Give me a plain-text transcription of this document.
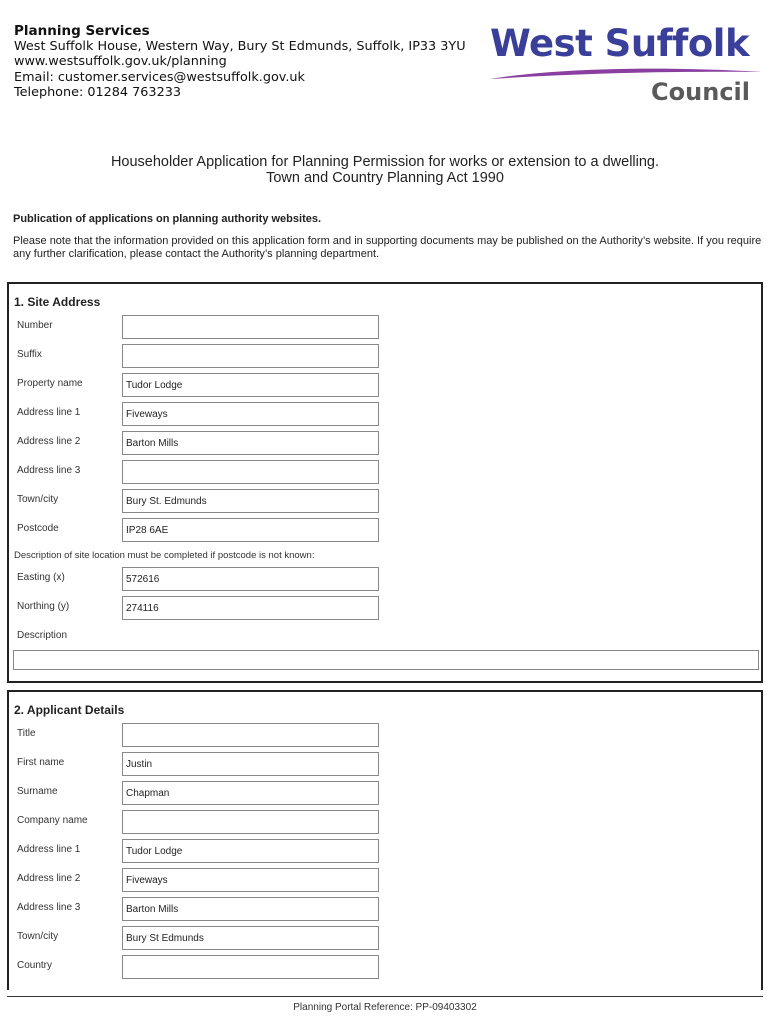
Planning Services
West Suffolk House, Western Way, Bury St Edmunds, Suffolk, IP33 3YU
www.westsuffolk.gov.uk/planning
Email: customer.services@westsuffolk.gov.uk
Telephone: 01284 763233
West Suffolk
Council
Householder Application for Planning Permission for works or extension to a dwelling.
Town and Country Planning Act 1990
Publication of applications on planning authority websites.
Please note that the information provided on this application form and in supporting documents may be published on the Authority’s website. If you require any further clarification, please contact the Authority’s planning department.
1. Site Address
Number
Suffix
Property name	Tudor Lodge
Address line 1	Fiveways
Address line 2	Barton Mills
Address line 3
Town/city	Bury St. Edmunds
Postcode	IP28 6AE
Description of site location must be completed if postcode is not known:
Easting (x)	572616
Northing (y)	274116
Description
2. Applicant Details
Title
First name	Justin
Surname	Chapman
Company name
Address line 1	Tudor Lodge
Address line 2	Fiveways
Address line 3	Barton Mills
Town/city	Bury St Edmunds
Country
Planning Portal Reference: PP-09403302
